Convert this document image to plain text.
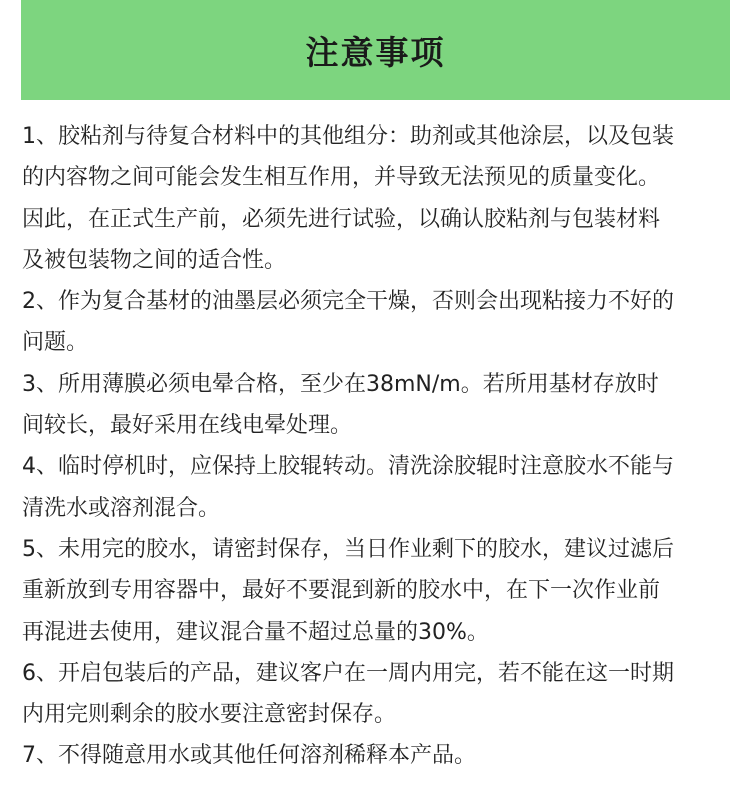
注意事项
1、胶粘剂与待复合材料中的其他组分：助剂或其他涂层，以及包装
的内容物之间可能会发生相互作用，并导致无法预见的质量变化。
因此，在正式生产前，必须先进行试验，以确认胶粘剂与包装材料
及被包装物之间的适合性。
2、作为复合基材的油墨层必须完全干燥，否则会出现粘接力不好的
问题。
3、所用薄膜必须电晕合格，至少在38mN/m。若所用基材存放时
间较长，最好采用在线电晕处理。
4、临时停机时，应保持上胶辊转动。清洗涂胶辊时注意胶水不能与
清洗水或溶剂混合。
5、未用完的胶水，请密封保存，当日作业剩下的胶水，建议过滤后
重新放到专用容器中，最好不要混到新的胶水中，在下一次作业前
再混进去使用，建议混合量不超过总量的30%。
6、开启包装后的产品，建议客户在一周内用完，若不能在这一时期
内用完则剩余的胶水要注意密封保存。
7、不得随意用水或其他任何溶剂稀释本产品。
